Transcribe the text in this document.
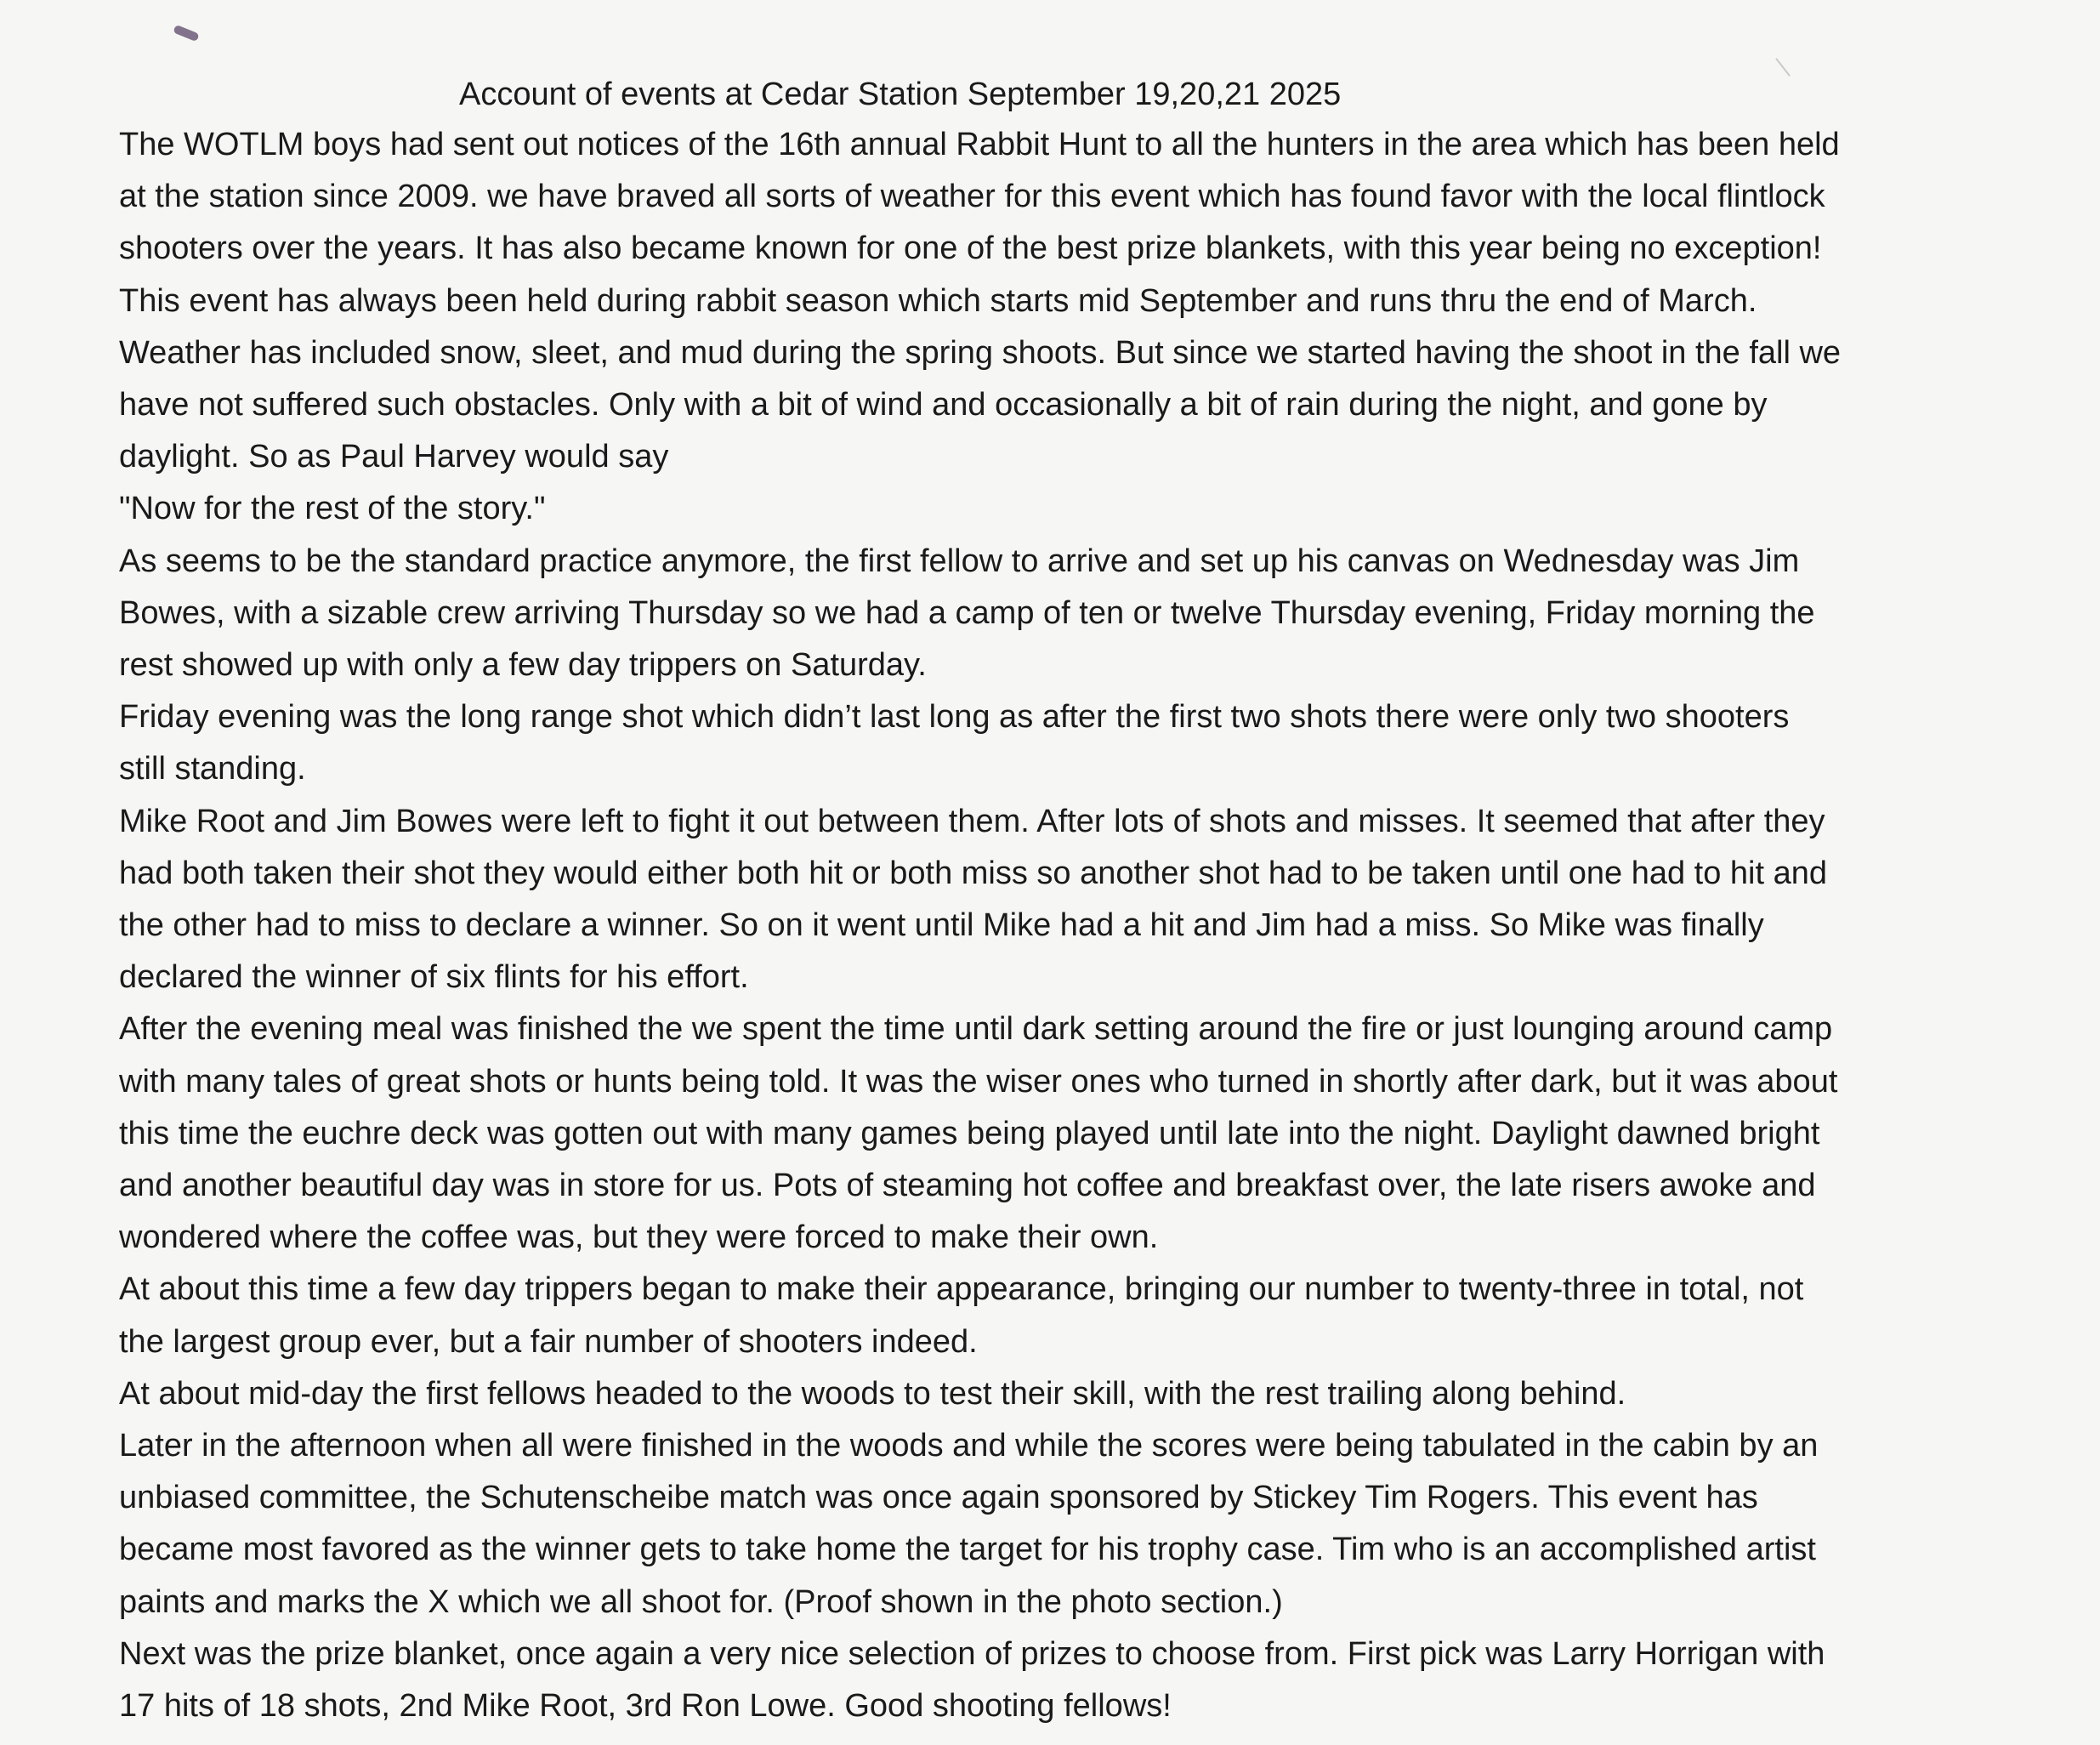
Account of events at Cedar Station September 19,20,21 2025

The WOTLM boys had sent out notices of the 16th annual Rabbit Hunt to all the hunters in the area which has been held

at the station since 2009. we have braved all sorts of weather for this event which has found favor with the local flintlock

shooters over the years. It has also became known for one of the best prize blankets, with this year being no exception!

This event has always been held during rabbit season which starts mid September and runs thru the end of March.

Weather has included snow, sleet, and mud during the spring shoots. But since we started having the shoot in the fall we

have not suffered such obstacles. Only with a bit of wind and occasionally a bit of rain during the night, and gone by

daylight. So as Paul Harvey would say

"Now for the rest of the story."

As seems to be the standard practice anymore, the first fellow to arrive and set up his canvas on Wednesday was Jim

Bowes, with a sizable crew arriving Thursday so we had a camp of ten or twelve Thursday evening, Friday morning the

rest showed up with only a few day trippers on Saturday.

Friday evening was the long range shot which didn’t last long as after the first two shots there were only two shooters

still standing.

Mike Root and Jim Bowes were left to fight it out between them. After lots of shots and misses. It seemed that after they

had both taken their shot they would either both hit or both miss so another shot had to be taken until one had to hit and

the other had to miss to declare a winner. So on it went until Mike had a hit and Jim had a miss. So Mike was finally

declared the winner of six flints for his effort.

After the evening meal was finished the we spent the time until dark setting around the fire or just lounging around camp

with many tales of great shots or hunts being told. It was the wiser ones who turned in shortly after dark, but it was about

this time the euchre deck was gotten out with many games being played until late into the night. Daylight dawned bright

and another beautiful day was in store for us. Pots of steaming hot coffee and breakfast over, the late risers awoke and

wondered where the coffee was, but they were forced to make their own.

At about this time a few day trippers began to make their appearance, bringing our number to twenty-three in total, not

the largest group ever, but a fair number of shooters indeed.

At about mid-day the first fellows headed to the woods to test their skill, with the rest trailing along behind.

Later in the afternoon when all were finished in the woods and while the scores were being tabulated in the cabin by an

unbiased committee, the Schutenscheibe match was once again sponsored by Stickey Tim Rogers. This event has

became most favored as the winner gets to take home the target for his trophy case. Tim who is an accomplished artist

paints and marks the X which we all shoot for. (Proof shown in the photo section.)

Next was the prize blanket, once again a very nice selection of prizes to choose from. First pick was Larry Horrigan with

17 hits of 18 shots, 2nd Mike Root, 3rd Ron Lowe. Good shooting fellows!
